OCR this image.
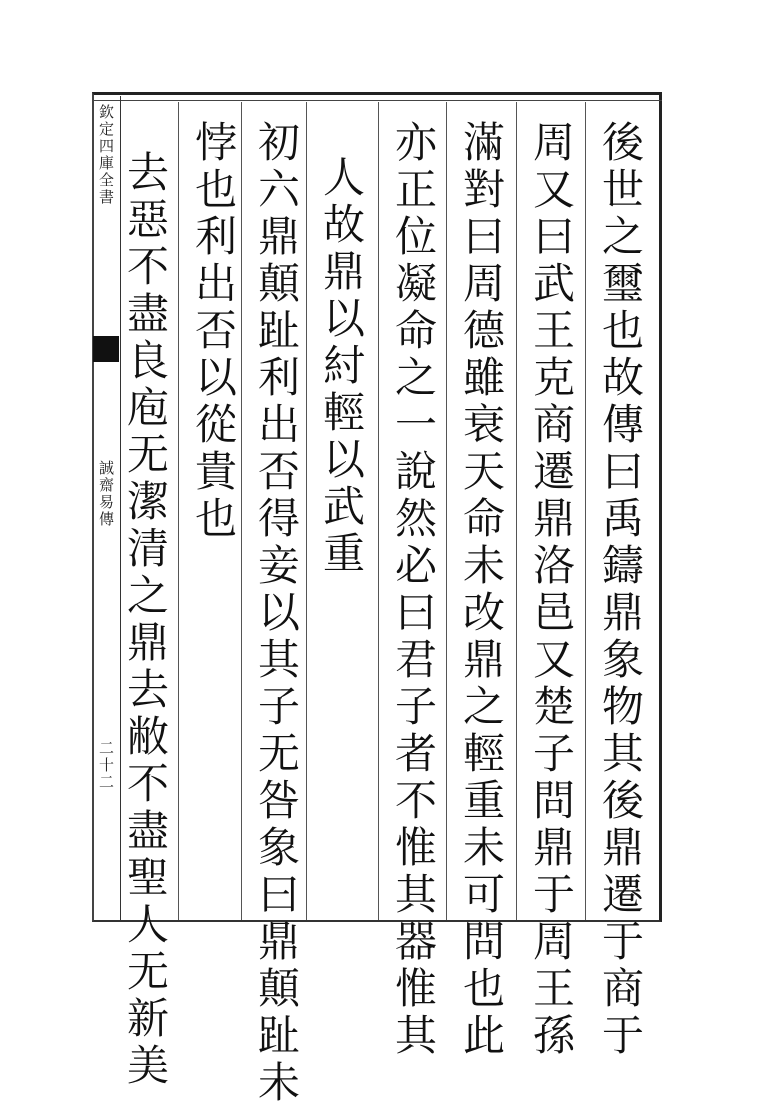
欽定四庫全書
誠齋易傳
二十二	後世之璽也故傳曰禹鑄鼎象物其後鼎遷于商于
周又曰武王克商遷鼎洛邑又楚子問鼎于周王孫
滿對曰周德雖衰天命未改鼎之輕重未可問也此
亦正位凝命之一說然必曰君子者不惟其器惟其
人故鼎以紂輕以武重
初六鼎顛趾利出否得妾以其子无咎象曰鼎顛趾未
悖也利出否以從貴也
去惡不盡良庖无潔清之鼎去敝不盡聖人无新美
